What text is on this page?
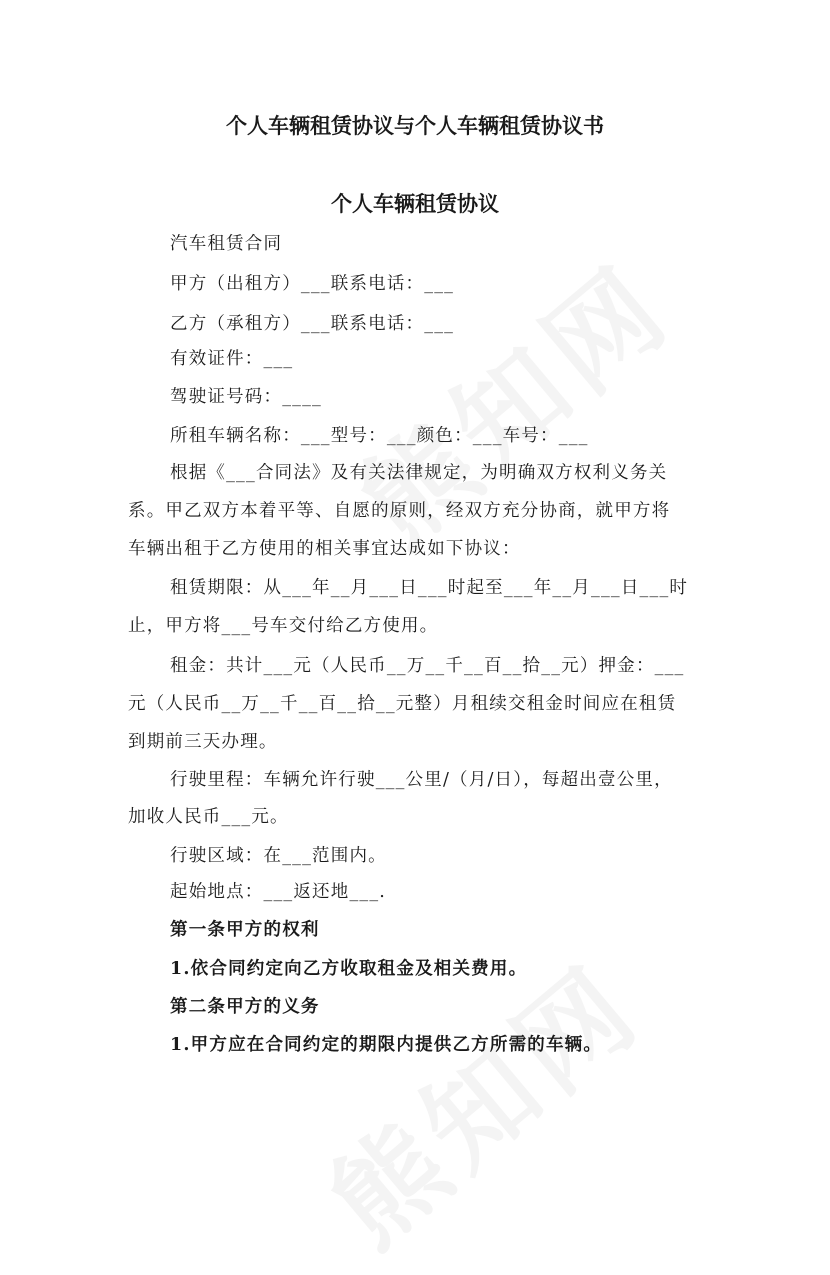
个人车辆租赁协议与个人车辆租赁协议书
个人车辆租赁协议

汽车租赁合同

甲方（出租方）___联系电话：___

乙方（承租方）___联系电话：___

有效证件：___

驾驶证号码：____

所租车辆名称：___型号：___颜色：___车号：___

根据《___合同法》及有关法律规定，为明确双方权利义务关

系。甲乙双方本着平等、自愿的原则，经双方充分协商，就甲方将

车辆出租于乙方使用的相关事宜达成如下协议：

租赁期限：从___年__月___日___时起至___年__月___日___时

止，甲方将___号车交付给乙方使用。

租金：共计___元（人民币__万__千__百__拾__元）押金：___

元（人民币__万__千__百__拾__元整）月租续交租金时间应在租赁

到期前三天办理。

行驶里程：车辆允许行驶___公里/（月/日），每超出壹公里，

加收人民币___元。

行驶区域：在___范围内。

起始地点：___返还地___.

第一条甲方的权利

1.依合同约定向乙方收取租金及相关费用。

第二条甲方的义务

1.甲方应在合同约定的期限内提供乙方所需的车辆。
